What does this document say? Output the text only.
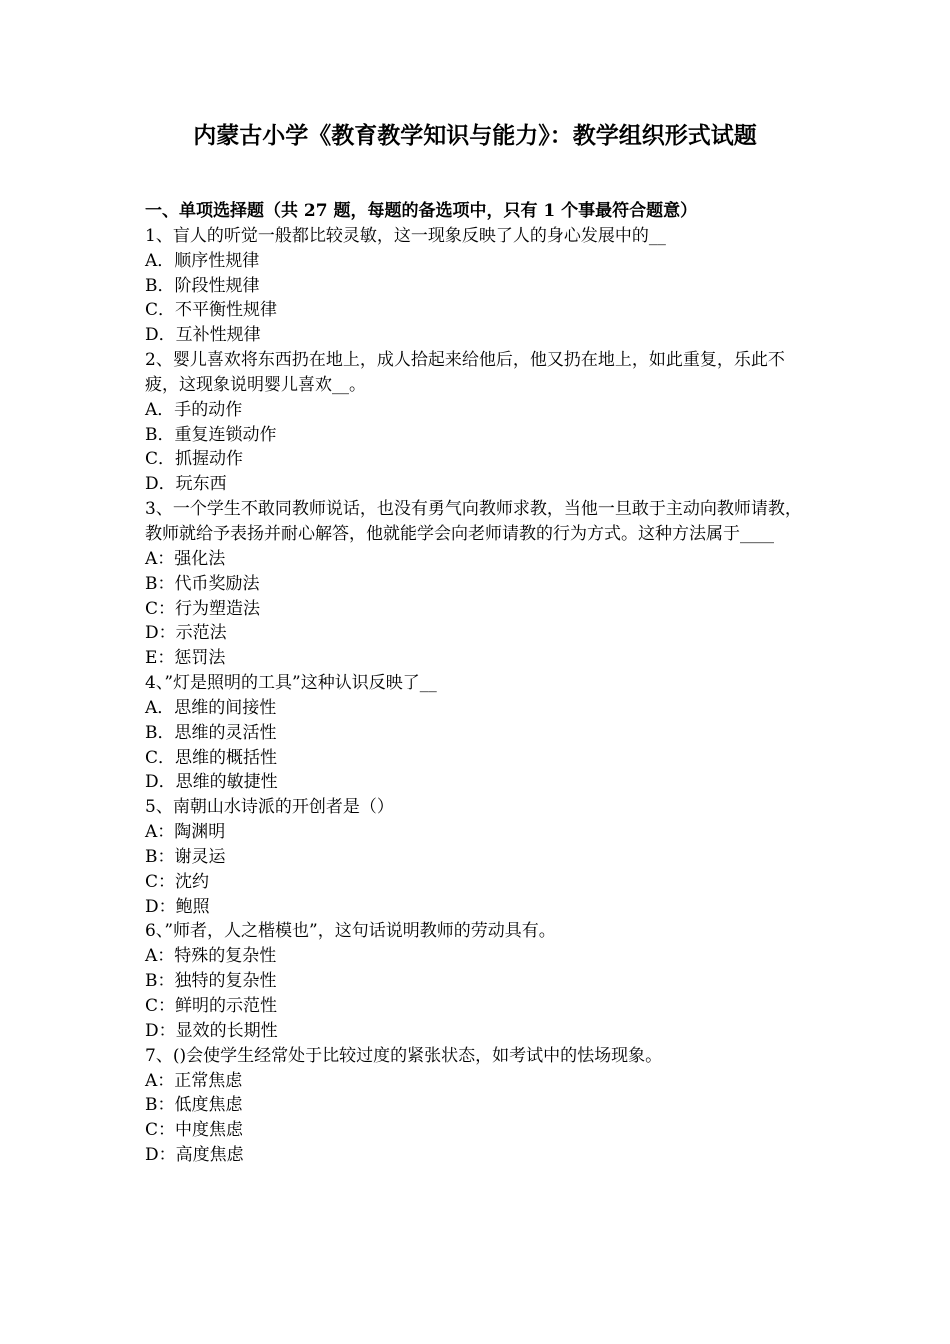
内蒙古小学《教育教学知识与能力》：教学组织形式试题
一、单项选择题（共 27 题，每题的备选项中，只有 1 个事最符合题意）
1、盲人的听觉一般都比较灵敏，这一现象反映了人的身心发展中的__
A．顺序性规律
B．阶段性规律
C．不平衡性规律
D．互补性规律
2、婴儿喜欢将东西扔在地上，成人拾起来给他后，他又扔在地上，如此重复，乐此不疲，这现象说明婴儿喜欢__。
A．手的动作
B．重复连锁动作
C．抓握动作
D．玩东西
3、一个学生不敢同教师说话，也没有勇气向教师求教，当他一旦敢于主动向教师请教，教师就给予表扬并耐心解答，他就能学会向老师请教的行为方式。这种方法属于____
A：强化法
B：代币奖励法
C：行为塑造法
D：示范法
E：惩罚法
4、”灯是照明的工具”这种认识反映了__
A．思维的间接性
B．思维的灵活性
C．思维的概括性
D．思维的敏捷性
5、南朝山水诗派的开创者是（）
A：陶渊明
B：谢灵运
C：沈约
D：鲍照
6、”师者，人之楷模也”，这句话说明教师的劳动具有。
A：特殊的复杂性
B：独特的复杂性
C：鲜明的示范性
D：显效的长期性
7、()会使学生经常处于比较过度的紧张状态，如考试中的怯场现象。
A：正常焦虑
B：低度焦虑
C：中度焦虑
D：高度焦虑
